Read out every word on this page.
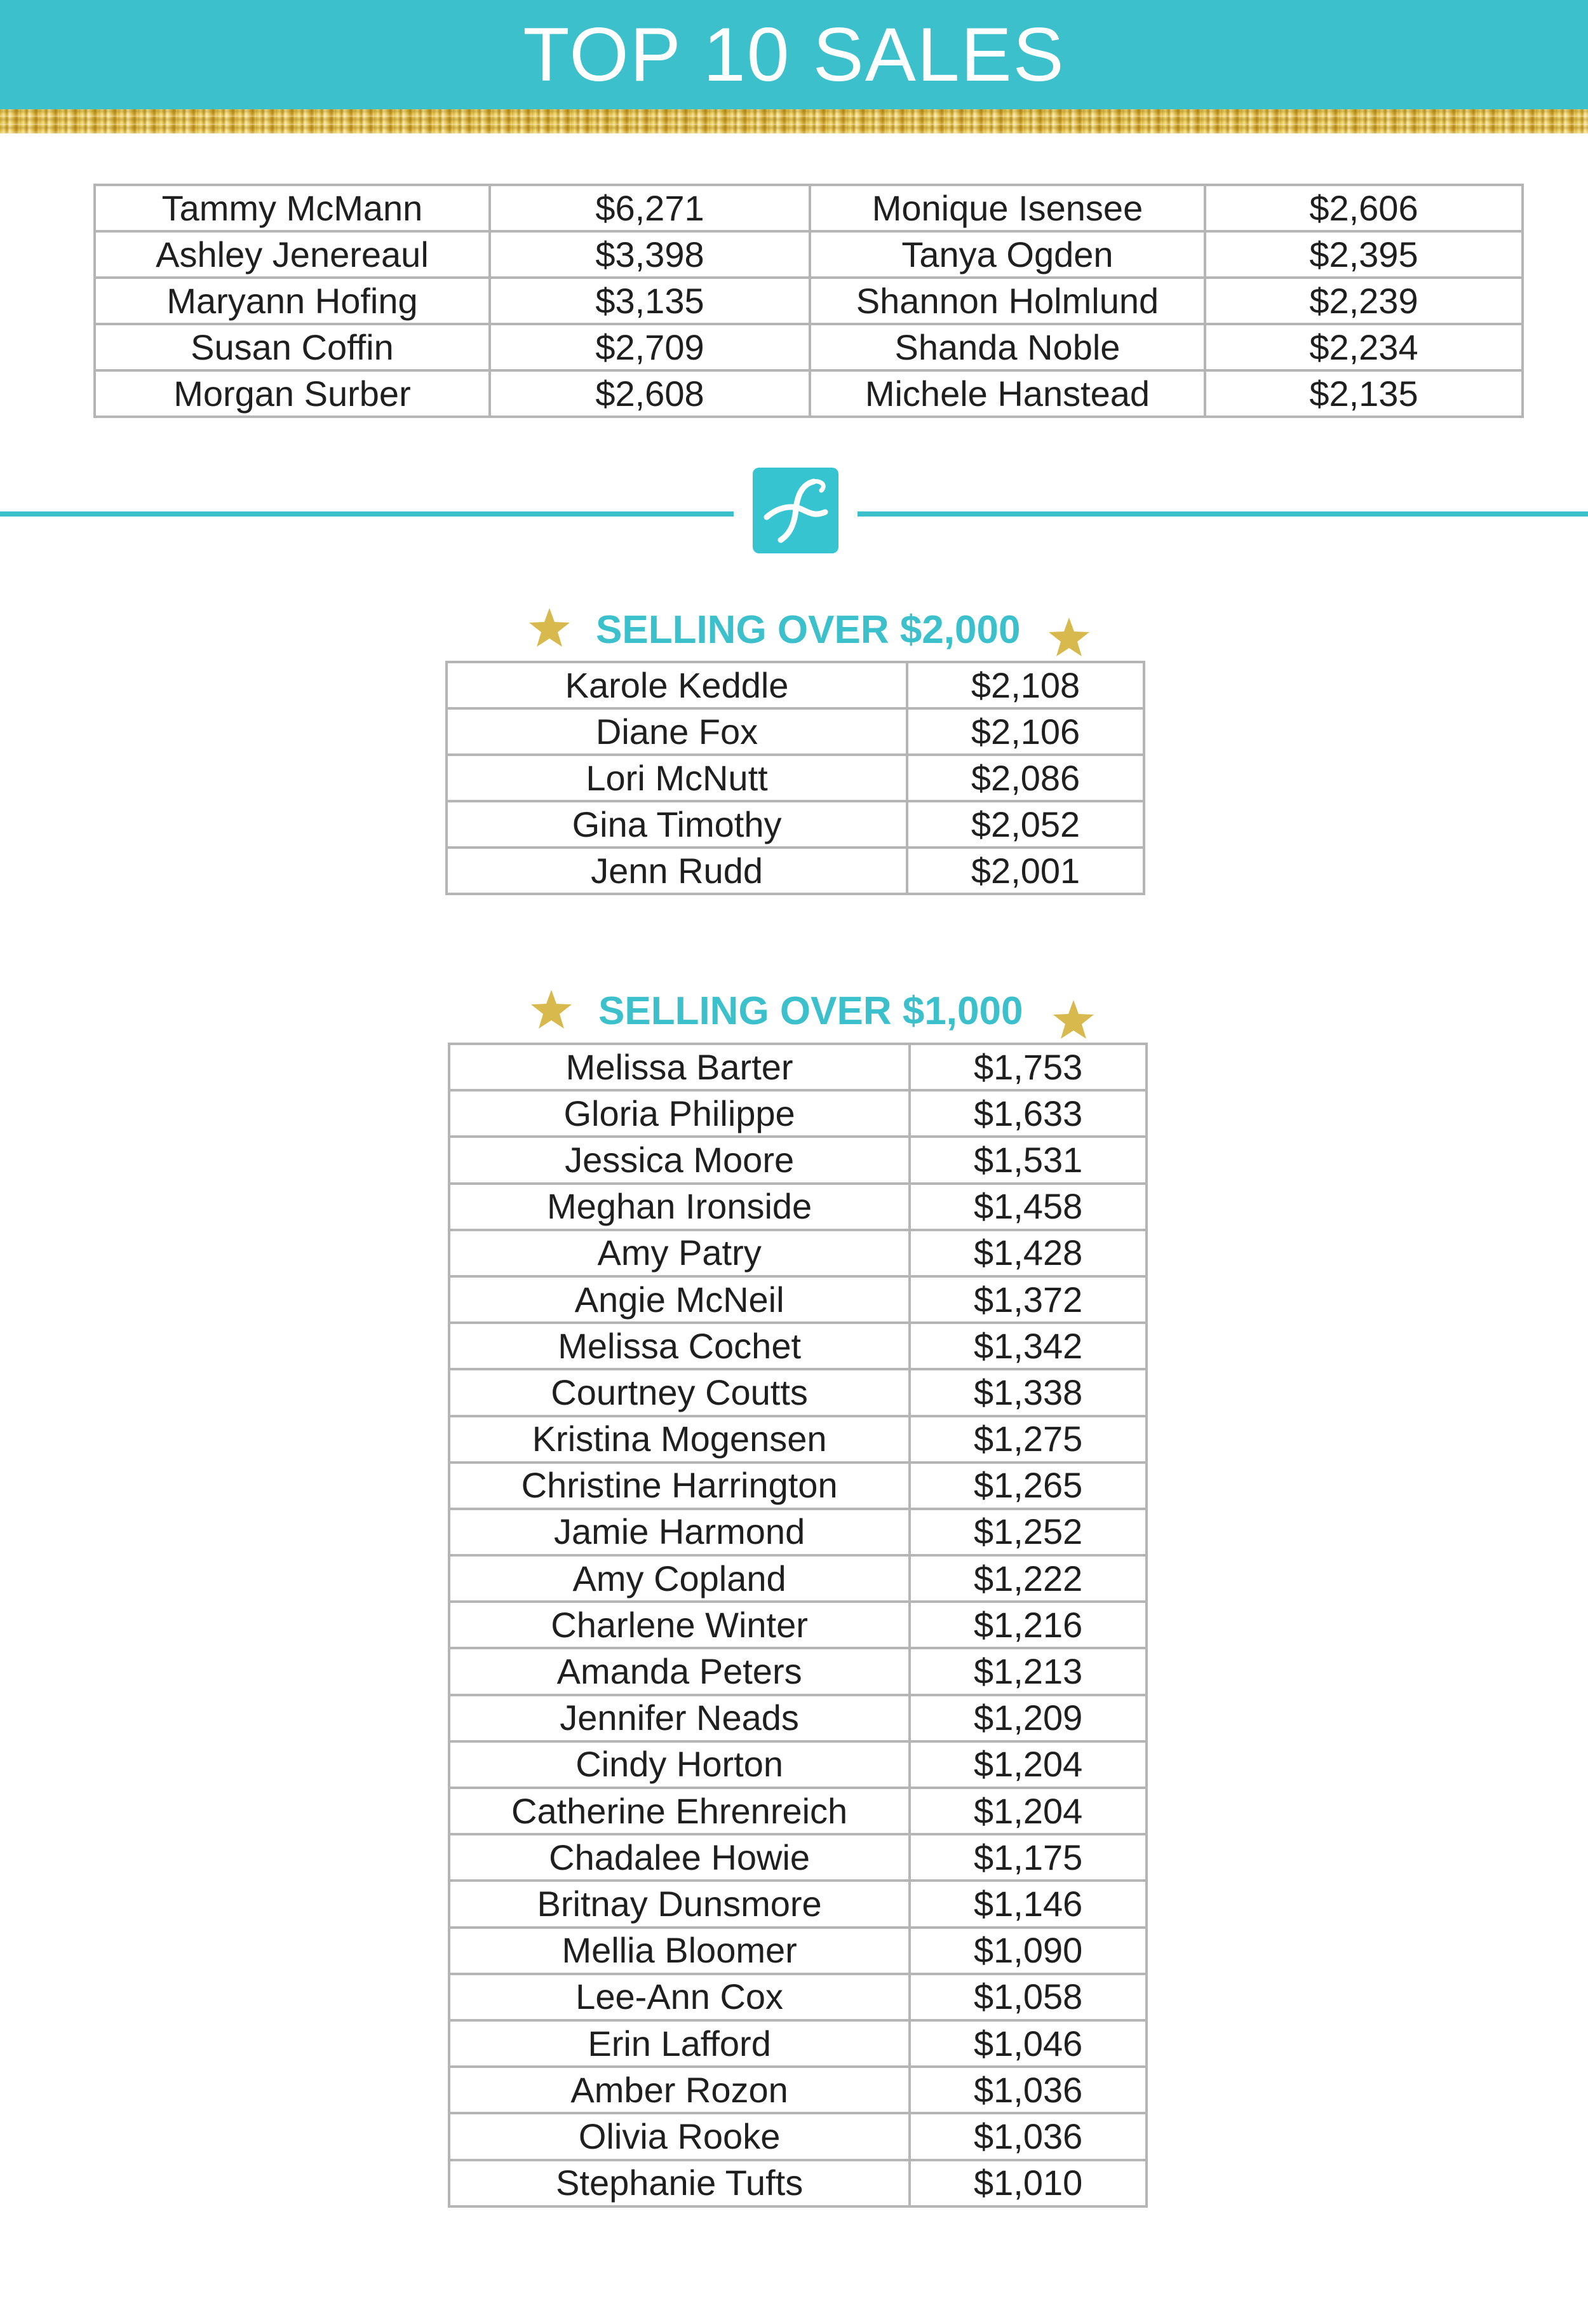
TOP 10 SALES
Tammy McMann	$6,271	Monique Isensee	$2,606
Ashley Jenereaul	$3,398	Tanya Ogden	$2,395
Maryann Hofing	$3,135	Shannon Holmlund	$2,239
Susan Coffin	$2,709	Shanda Noble	$2,234
Morgan Surber	$2,608	Michele Hanstead	$2,135
SELLING OVER $2,000
Karole Keddle	$2,108
Diane Fox	$2,106
Lori McNutt	$2,086
Gina Timothy	$2,052
Jenn Rudd	$2,001
SELLING OVER $1,000
Melissa Barter	$1,753
Gloria Philippe	$1,633
Jessica Moore	$1,531
Meghan Ironside	$1,458
Amy Patry	$1,428
Angie McNeil	$1,372
Melissa Cochet	$1,342
Courtney Coutts	$1,338
Kristina Mogensen	$1,275
Christine Harrington	$1,265
Jamie Harmond	$1,252
Amy Copland	$1,222
Charlene Winter	$1,216
Amanda Peters	$1,213
Jennifer Neads	$1,209
Cindy Horton	$1,204
Catherine Ehrenreich	$1,204
Chadalee Howie	$1,175
Britnay Dunsmore	$1,146
Mellia Bloomer	$1,090
Lee-Ann Cox	$1,058
Erin Lafford	$1,046
Amber Rozon	$1,036
Olivia Rooke	$1,036
Stephanie Tufts	$1,010
